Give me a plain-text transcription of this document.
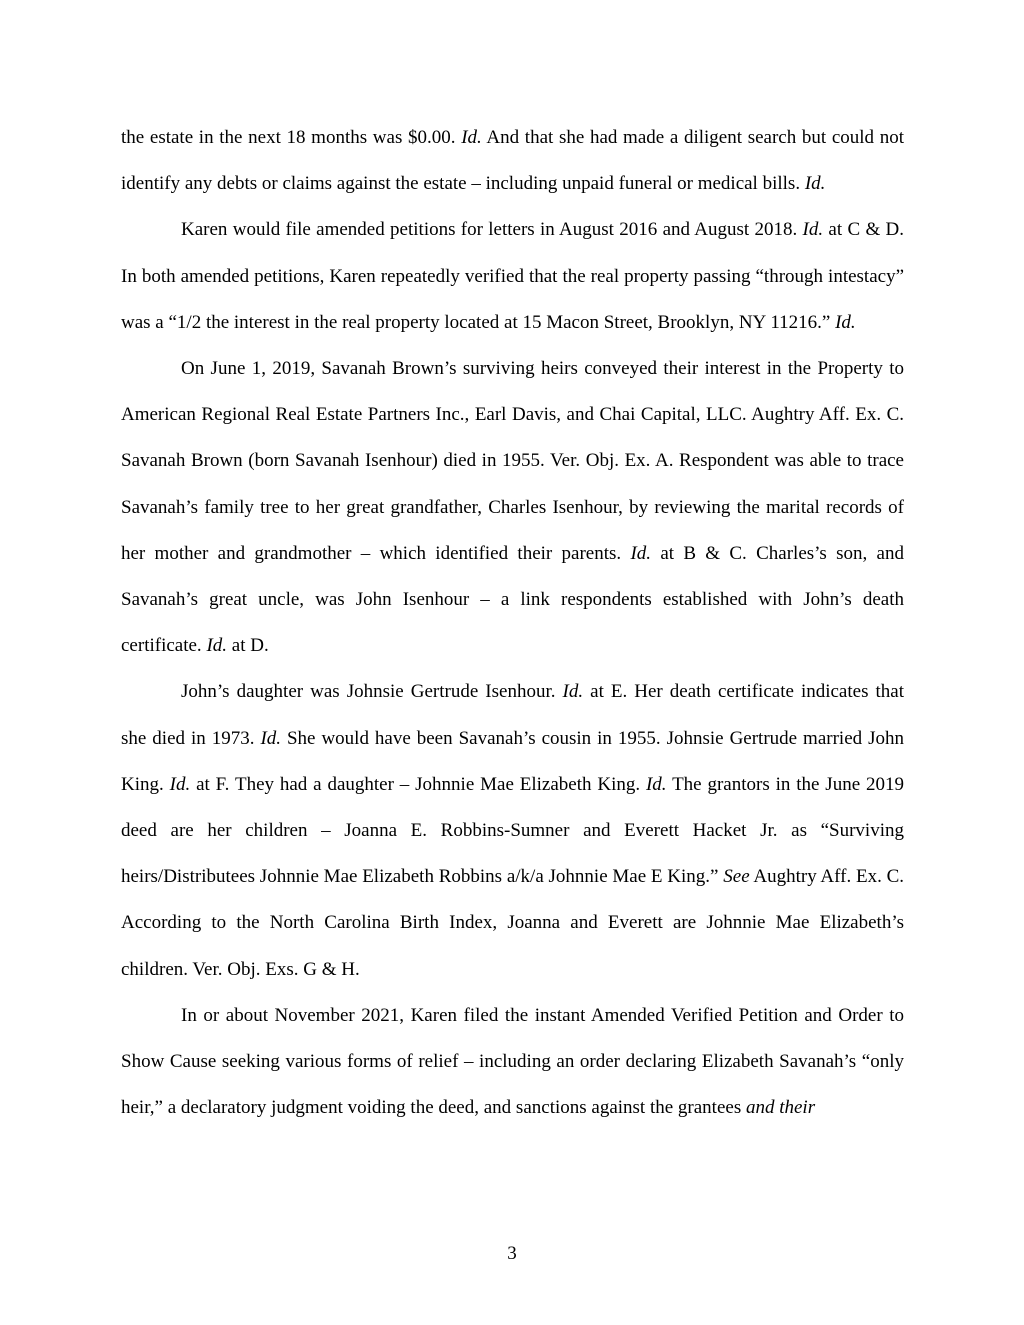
the estate in the next 18 months was $0.00. Id. And that she had made a diligent search but could not identify any debts or claims against the estate – including unpaid funeral or medical bills. Id.

Karen would file amended petitions for letters in August 2016 and August 2018. Id. at C & D. In both amended petitions, Karen repeatedly verified that the real property passing “through intestacy” was a “1/2 the interest in the real property located at 15 Macon Street, Brooklyn, NY 11216.” Id.

On June 1, 2019, Savanah Brown’s surviving heirs conveyed their interest in the Property to American Regional Real Estate Partners Inc., Earl Davis, and Chai Capital, LLC. Aughtry Aff. Ex. C. Savanah Brown (born Savanah Isenhour) died in 1955. Ver. Obj. Ex. A. Respondent was able to trace Savanah’s family tree to her great grandfather, Charles Isenhour, by reviewing the marital records of her mother and grandmother – which identified their parents. Id. at B & C. Charles’s son, and Savanah’s great uncle, was John Isenhour – a link respondents established with John’s death certificate. Id. at D.

John’s daughter was Johnsie Gertrude Isenhour. Id. at E. Her death certificate indicates that she died in 1973. Id. She would have been Savanah’s cousin in 1955. Johnsie Gertrude married John King. Id. at F. They had a daughter – Johnnie Mae Elizabeth King. Id. The grantors in the June 2019 deed are her children – Joanna E. Robbins-Sumner and Everett Hacket Jr. as “Surviving heirs/Distributees Johnnie Mae Elizabeth Robbins a/k/a Johnnie Mae E King.” See Aughtry Aff. Ex. C. According to the North Carolina Birth Index, Joanna and Everett are Johnnie Mae Elizabeth’s children. Ver. Obj. Exs. G & H.

In or about November 2021, Karen filed the instant Amended Verified Petition and Order to Show Cause seeking various forms of relief – including an order declaring Elizabeth Savanah’s “only heir,” a declaratory judgment voiding the deed, and sanctions against the grantees and their

3
